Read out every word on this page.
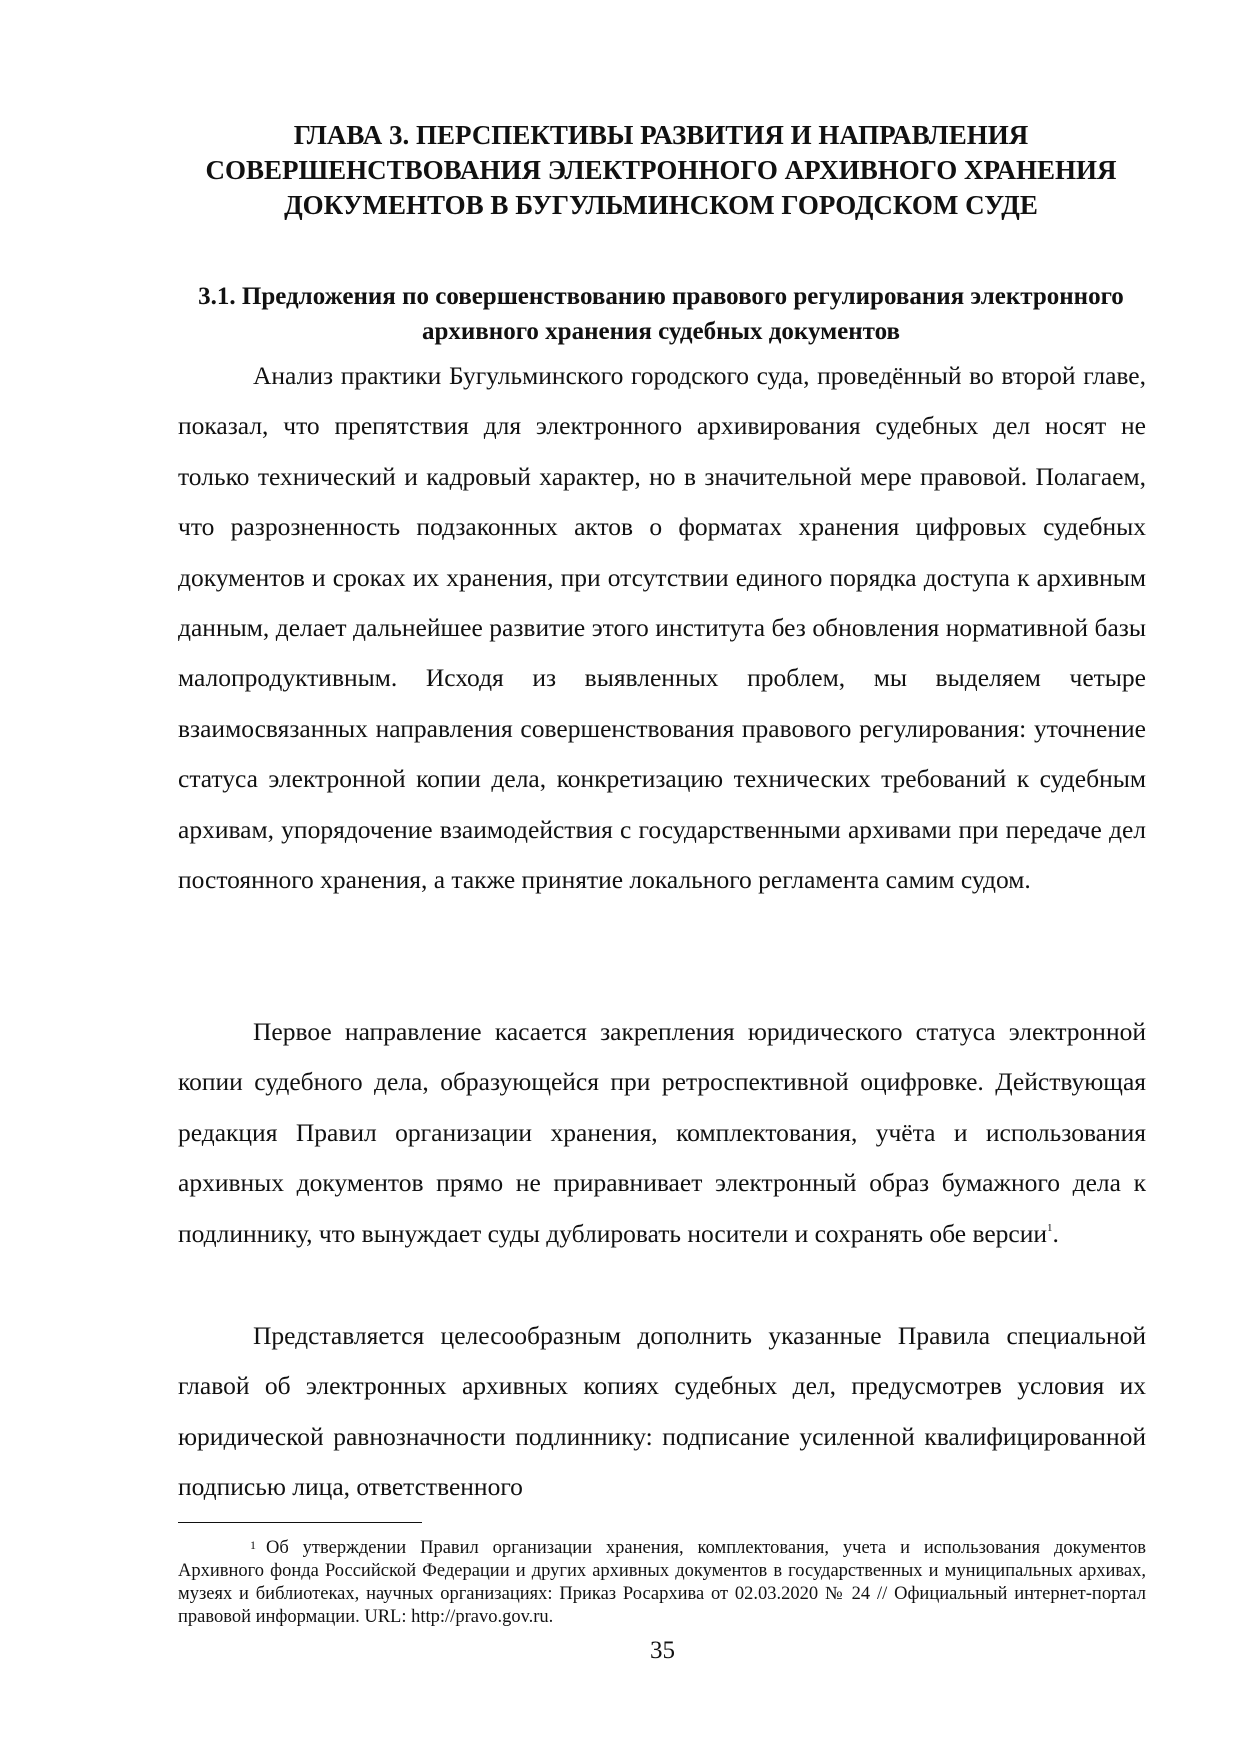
ГЛАВА 3. ПЕРСПЕКТИВЫ РАЗВИТИЯ И НАПРАВЛЕНИЯ СОВЕРШЕНСТВОВАНИЯ ЭЛЕКТРОННОГО АРХИВНОГО ХРАНЕНИЯ ДОКУМЕНТОВ В БУГУЛЬМИНСКОМ ГОРОДСКОМ СУДЕ
3.1. Предложения по совершенствованию правового регулирования электронного архивного хранения судебных документов

Анализ практики Бугульминского городского суда, проведённый во второй главе, показал, что препятствия для электронного архивирования судебных дел носят не только технический и кадровый характер, но в значительной мере правовой. Полагаем, что разрозненность подзаконных актов о форматах хранения цифровых судебных документов и сроках их хранения, при отсутствии единого порядка доступа к архивным данным, делает дальнейшее развитие этого института без обновления нормативной базы малопродуктивным. Исходя из выявленных проблем, мы выделяем четыре взаимосвязанных направления совершенствования правового регулирования: уточнение статуса электронной копии дела, конкретизацию технических требований к судебным архивам, упорядочение взаимодействия с государственными архивами при передаче дел постоянного хранения, а также принятие локального регламента самим судом.

Первое направление касается закрепления юридического статуса электронной копии судебного дела, образующейся при ретроспективной оцифровке. Действующая редакция Правил организации хранения, комплектования, учёта и использования архивных документов прямо не приравнивает электронный образ бумажного дела к подлиннику, что вынуждает суды дублировать носители и сохранять обе версии$^1$.

Представляется целесообразным дополнить указанные Правила специальной главой об электронных архивных копиях судебных дел, предусмотрев условия их юридической равнозначности подлиннику: подписание усиленной квалифицированной подписью лица, ответственного

$^1$ Об утверждении Правил организации хранения, комплектования, учета и использования документов Архивного фонда Российской Федерации и других архивных документов в государственных и муниципальных архивах, музеях и библиотеках, научных организациях: Приказ Росархива от 02.03.2020 № 24 // Официальный интернет-портал правовой информации. URL: http://pravo.gov.ru.

35
